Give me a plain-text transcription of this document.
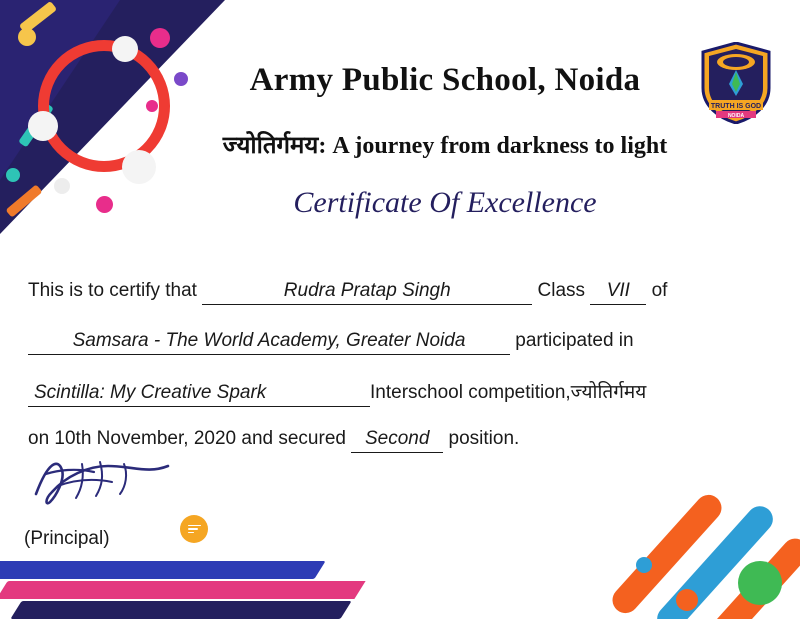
Army Public School, Noida
ज्योतिर्गमय: A journey from darkness to light
Certificate Of Excellence
TRUTH IS GOD
NOIDA
This is to certify that	Rudra Pratap Singh	Class VII of
Samsara - The World Academy, Greater Noida	participated in
Scintilla: My Creative Spark	Interschool competition,ज्योतिर्गमय
on 10th November, 2020 and secured Second position.
(Principal)
